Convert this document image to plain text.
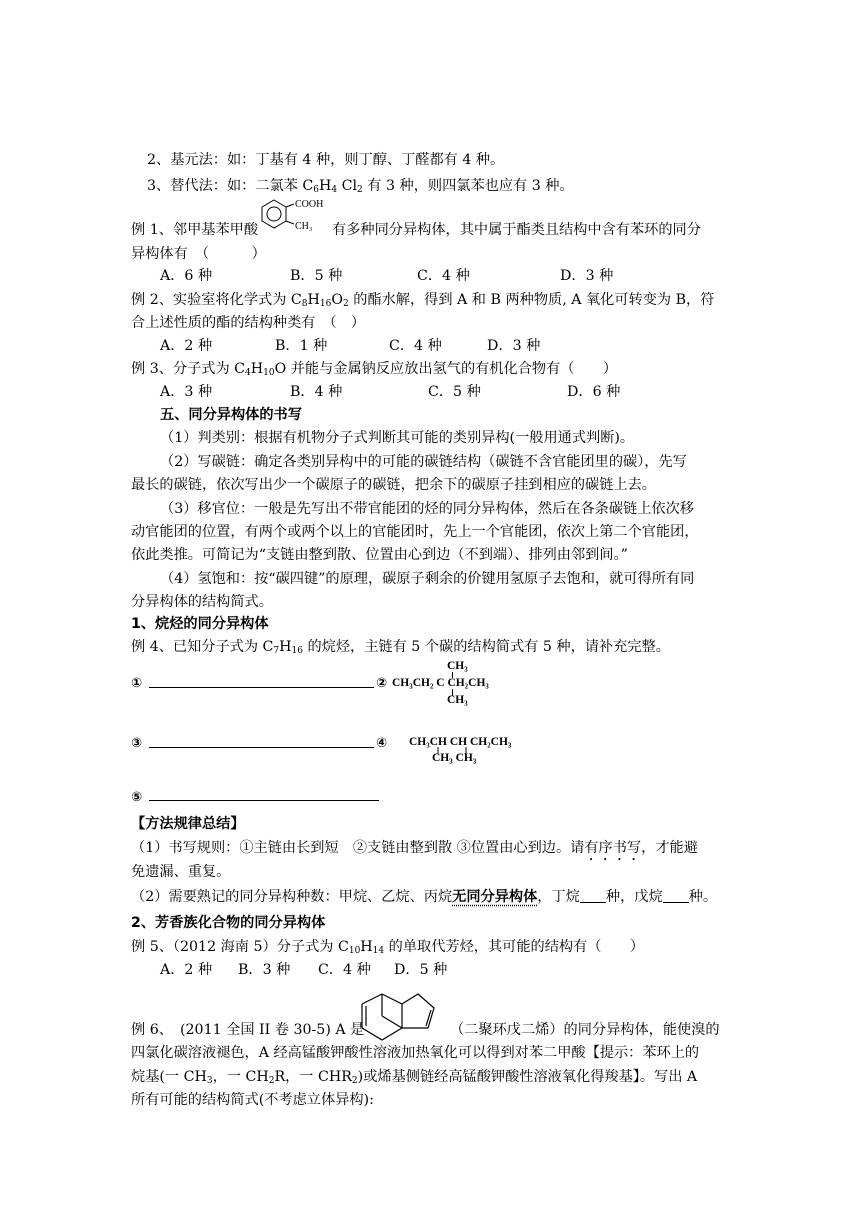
2、基元法：如：丁基有 4 种，则丁醇、丁醛都有 4 种。
3、替代法：如：二氯苯 $C_6H_4$ $Cl_2$ 有 3 种，则四氯苯也应有 3 种。
例 1、邻甲基苯甲酸
COOH
CH₃ 有多种同分异构体，其中属于酯类且结构中含有苯环的同分
异构体有　（　　　）
A．6 种	B．5 种	C．4 种	D．3 种
例 2、实验室将化学式为 $C_8H_{16}O_2$ 的酯水解，得到 A 和 B 两种物质, A 氧化可转变为 B，符
合上述性质的酯的结构种类有　（　）
A．2 种	B．1 种	C．4 种	D．3 种
例 3、分子式为 $C_4H_{10}O$ 并能与金属钠反应放出氢气的有机化合物有（　　）
A．3 种	B．4 种	C．5 种	D．6 种
五、同分异构体的书写
（1）判类别：根据有机物分子式判断其可能的类别异构(一般用通式判断)。
（2）写碳链：确定各类别异构中的可能的碳链结构（碳链不含官能团里的碳），先写
最长的碳链，依次写出少一个碳原子的碳链，把余下的碳原子挂到相应的碳链上去。
（3）移官位：一般是先写出不带官能团的烃的同分异构体，然后在各条碳链上依次移
动官能团的位置，有两个或两个以上的官能团时，先上一个官能团，依次上第二个官能团，
依此类推。可简记为“支链由整到散、位置由心到边（不到端）、排列由邻到间。”
（4）氢饱和：按“碳四键”的原理，碳原子剩余的价键用氢原子去饱和，就可得所有同
分异构体的结构简式。
1、烷烃的同分异构体
例 4、已知分子式为 $C_7H_{16}$ 的烷烃，主链有 5 个碳的结构简式有 5 种，请补充完整。
①	②
CH₃
CH₃CH₂ C CH₂CH₃
CH₃
③	④ CH₃CH CH CH₂CH₃
CH₃ CH₃
⑤
【方法规律总结】
（1）书写规则：①主链由长到短　②支链由整到散 ③位置由心到边。请有序书写，才能避
免遗漏、重复。
（2）需要熟记的同分异构种数：甲烷、乙烷、丙烷无同分异构体，丁烷 种，戊烷 种。
2、芳香族化合物的同分异构体
例 5、（2012 海南 5）分子式为 $C_{10}H_{14}$ 的单取代芳烃，其可能的结构有（　　）
A．2 种 B．3 种 C．4 种 D．5 种
例 6、　(2011 全国 II 卷 30-5) A 是	（二聚环戊二烯）的同分异构体，能使溴的
四氯化碳溶液褪色，A 经高锰酸钾酸性溶液加热氧化可以得到对苯二甲酸【提示：苯环上的
烷基(一 $CH_3$，一 $CH_2R$，一 $CHR_2$)或烯基侧链经高锰酸钾酸性溶液氧化得羧基】。写出 A
所有可能的结构简式(不考虑立体异构):
